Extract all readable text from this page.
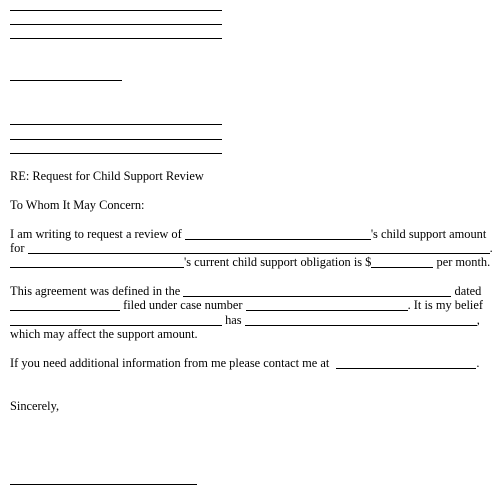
RE: Request for Child Support Review
To Whom It May Concern:
I am writing to request a review of	's child support amount
for	.
's current child support obligation is $	per month.
This agreement was defined in the	dated
filed under case number	. It is my belief
has	,
which may affect the support amount.
If you need additional information from me please contact me at	.
Sincerely,
